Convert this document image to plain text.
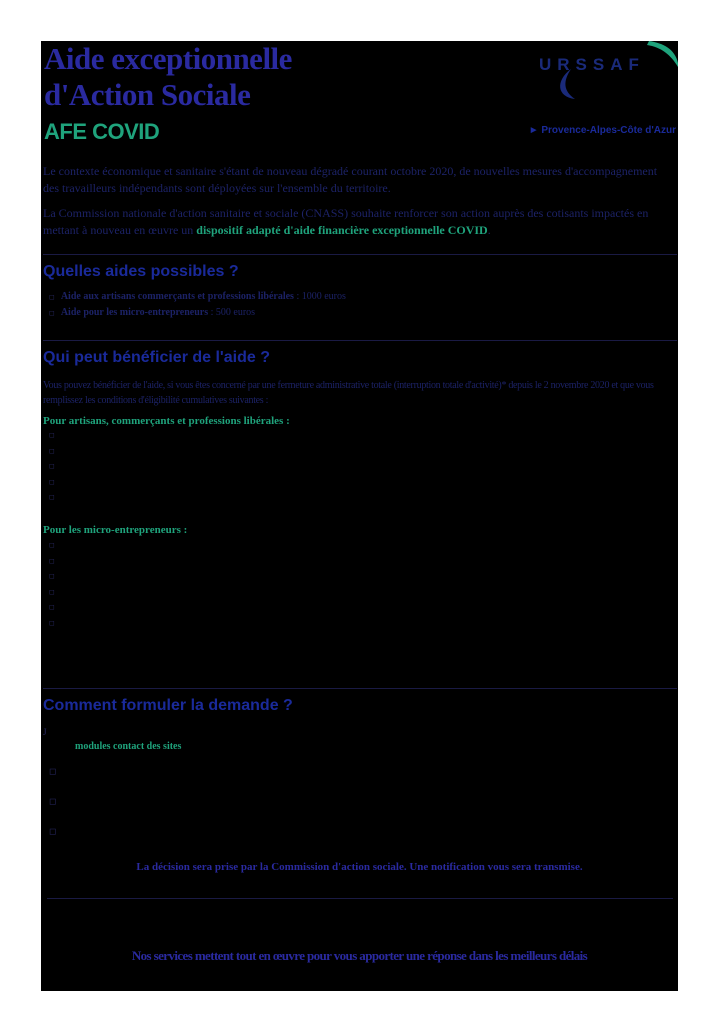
Aide exceptionnelle
d'Action Sociale
AFE COVID
URSSAF
► Provence-Alpes-Côte d'Azur
Le contexte économique et sanitaire s'étant de nouveau dégradé courant octobre 2020, de nouvelles mesures d'accompagnement des travailleurs indépendants sont déployées sur l'ensemble du territoire.
La Commission nationale d'action sanitaire et sociale (CNASS) souhaite renforcer son action auprès des cotisants impactés en mettant à nouveau en œuvre un dispositif adapté d'aide financière exceptionnelle COVID.
Quelles aides possibles ?
◻ Aide aux artisans commerçants et professions libérales : 1000 euros
◻ Aide pour les micro-entrepreneurs : 500 euros
Qui peut bénéficier de l'aide ?
Vous pouvez bénéficier de l'aide, si vous êtes concerné par une fermeture administrative totale (interruption totale d'activité)* depuis le 2 novembre 2020 et que vous remplissez les conditions d'éligibilité cumulatives suivantes :
Pour artisans, commerçants et professions libérales :
◻
◻
◻
◻
◻
Pour les micro-entrepreneurs :
◻
◻
◻
◻
◻
◻
Comment formuler la demande ?
J
modules contact des sites
◻
◻
◻
La décision sera prise par la Commission d'action sociale. Une notification vous sera transmise.
Nos services mettent tout en œuvre pour vous apporter une réponse dans les meilleurs délais
